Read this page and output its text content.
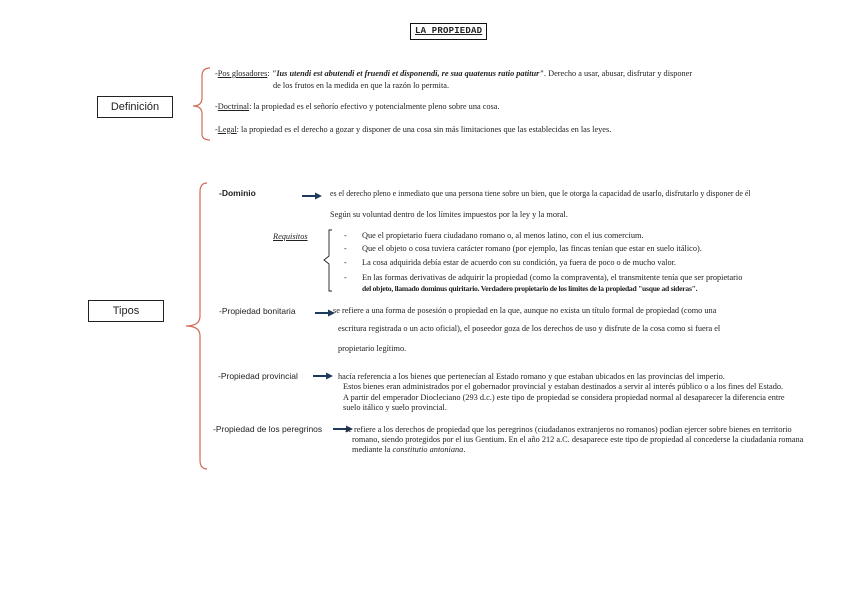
LA PROPIEDAD
Definición
-Pos glosadores: "Ius utendi est abutendi et fruendi et disponendi, re sua quatenus ratio patitur". Derecho a usar, abusar, disfrutar y disponer
de los frutos en la medida en que la razón lo permita.
-Doctrinal: la propiedad es el señorío efectivo y potencialmente pleno sobre una cosa.
-Legal: la propiedad es el derecho a gozar y disponer de una cosa sin más limitaciones que las establecidas en las leyes.
Tipos
-Dominio	es el derecho pleno e inmediato que una persona tiene sobre un bien, que le otorga la capacidad de usarlo, disfrutarlo y disponer de él
Según su voluntad dentro de los límites impuestos por la ley y la moral.
Requisitos	- Que el propietario fuera ciudadano romano o, al menos latino, con el ius comercium.
- Que el objeto o cosa tuviera carácter romano (por ejemplo, las fincas tenían que estar en suelo itálico).
- La cosa adquirida debía estar de acuerdo con su condición, ya fuera de poco o de mucho valor.
- En las formas derivativas de adquirir la propiedad (como la compraventa), el transmitente tenía que ser propietario
del objeto, llamado dominus quiritario. Verdadero propietario de los límites de la propiedad "usque ad sideras".
-Propiedad bonitaria	se refiere a una forma de posesión o propiedad en la que, aunque no exista un título formal de propiedad (como una
escritura registrada o un acto oficial), el poseedor goza de los derechos de uso y disfrute de la cosa como si fuera el
propietario legítimo.
-Propiedad provincial	hacía referencia a los bienes que pertenecían al Estado romano y que estaban ubicados en las provincias del imperio.
Estos bienes eran administrados por el gobernador provincial y estaban destinados a servir al interés público o a los fines del Estado.
A partir del emperador Diocleciano (293 d.c.) este tipo de propiedad se considera propiedad normal al desaparecer la diferencia entre
suelo itálico y suelo provincial.
-Propiedad de los peregrinos	se refiere a los derechos de propiedad que los peregrinos (ciudadanos extranjeros no romanos) podían ejercer sobre bienes en territorio
romano, siendo protegidos por el ius Gentium. En el año 212 a.C. desaparece este tipo de propiedad al concederse la ciudadanía romana
mediante la constitutio antoniana.
